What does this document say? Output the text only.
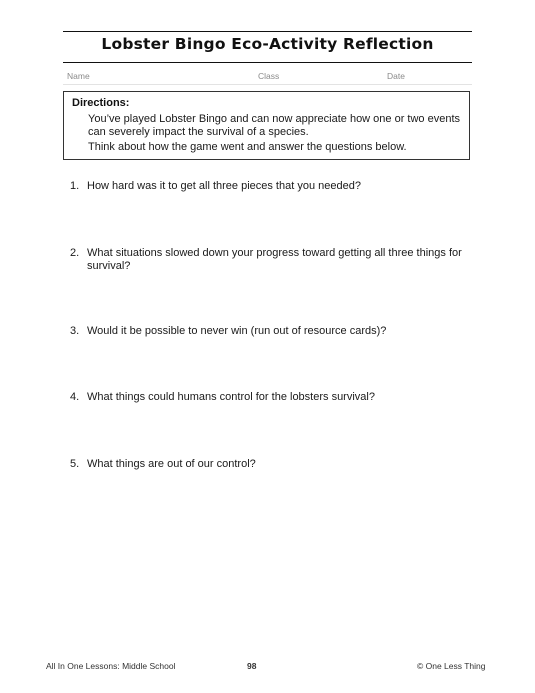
Lobster Bingo Eco-Activity Reflection
Name	Class	Date
Directions:
You’ve played Lobster Bingo and can now appreciate how one or two events can severely impact the survival of a species.
Think about how the game went and answer the questions below.
1. How hard was it to get all three pieces that you needed?
2. What situations slowed down your progress toward getting all three things for survival?
3. Would it be possible to never win (run out of resource cards)?
4. What things could humans control for the lobsters survival?
5. What things are out of our control?
All In One Lessons: Middle School	98	© One Less Thing
